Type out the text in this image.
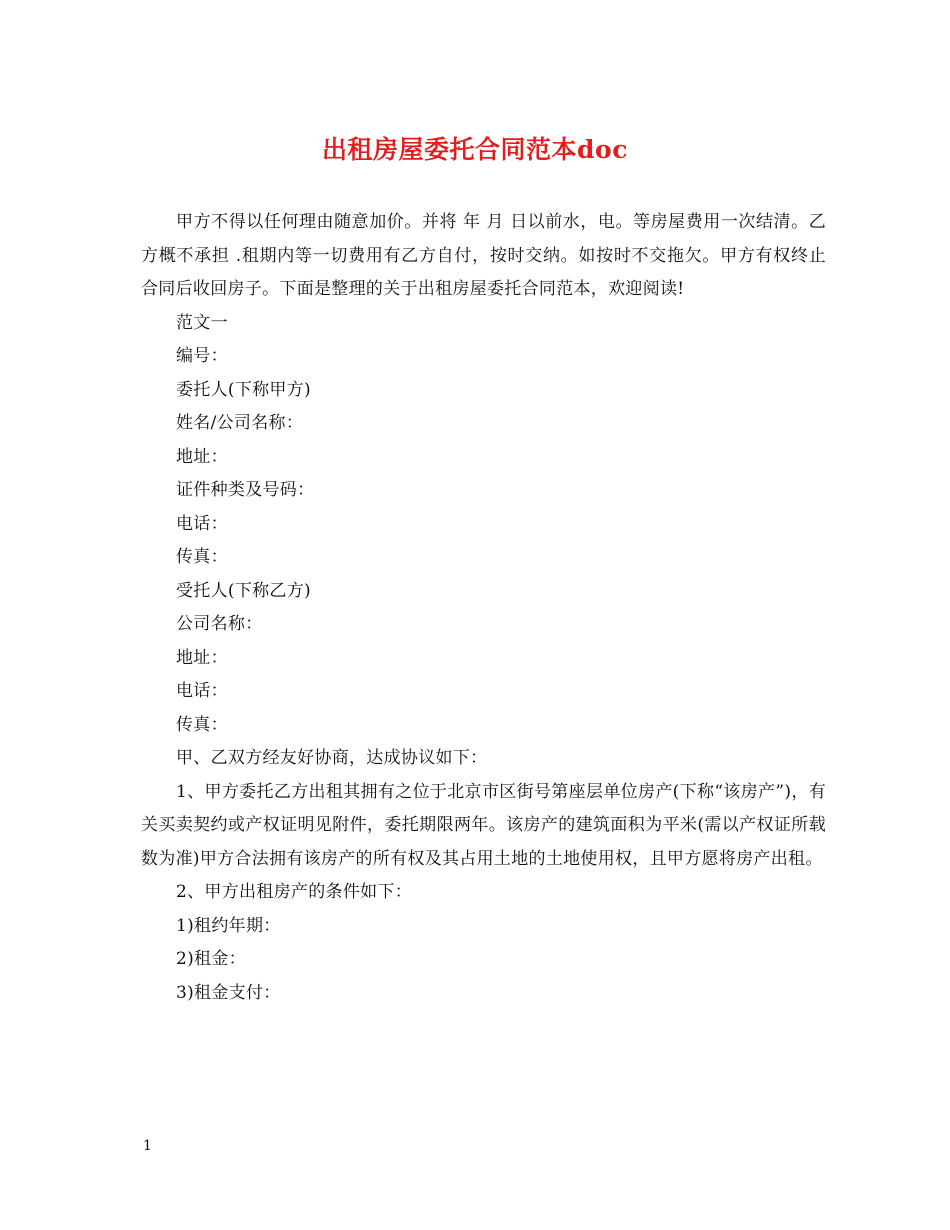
出租房屋委托合同范本doc

甲方不得以任何理由随意加价。并将 年 月 日以前水，电。等房屋费用一次结清。乙方概不承担 .租期内等一切费用有乙方自付，按时交纳。如按时不交拖欠。甲方有权终止合同后收回房子。下面是整理的关于出租房屋委托合同范本，欢迎阅读!

范文一

编号：

委托人(下称甲方)

姓名/公司名称：

地址：

证件种类及号码：

电话：

传真：

受托人(下称乙方)

公司名称：

地址：

电话：

传真：

甲、乙双方经友好协商，达成协议如下：

1、甲方委托乙方出租其拥有之位于北京市区街号第座层单位房产(下称“该房产”)，有关买卖契约或产权证明见附件，委托期限两年。该房产的建筑面积为平米(需以产权证所载数为准)甲方合法拥有该房产的所有权及其占用土地的土地使用权，且甲方愿将房产出租。

2、甲方出租房产的条件如下：

1)租约年期：

2)租金：

3)租金支付：

1
